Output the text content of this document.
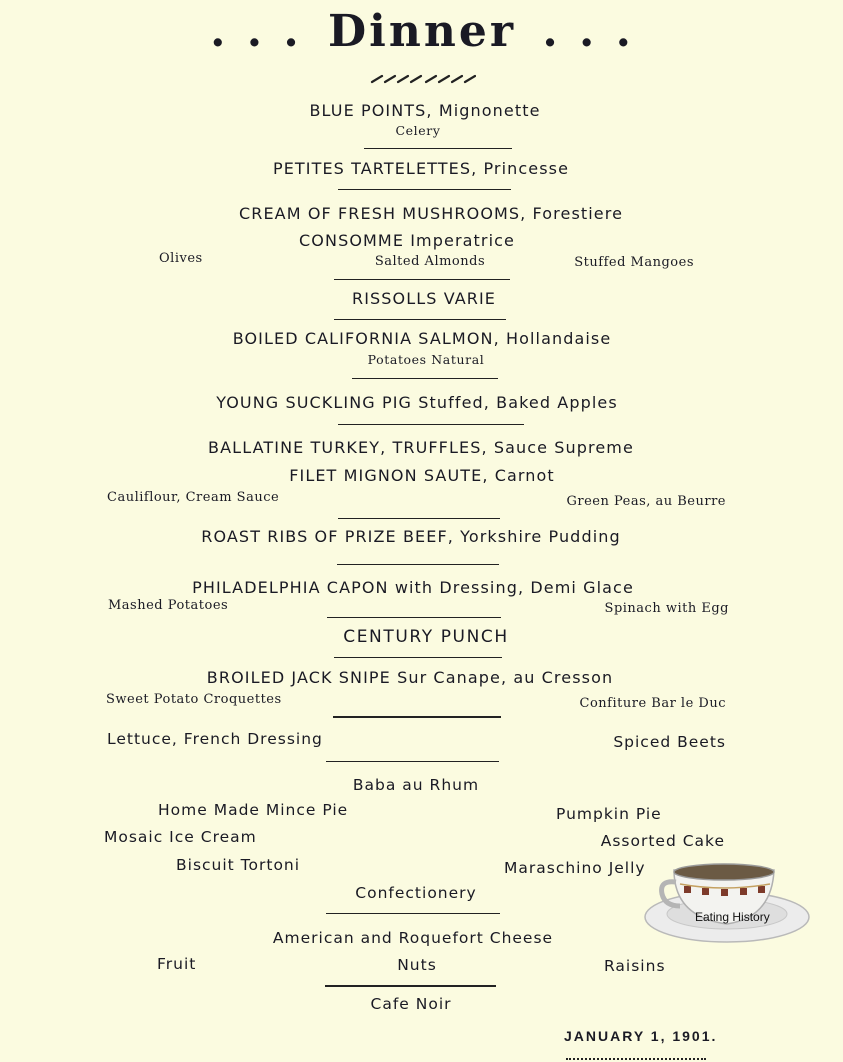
. . . Dinner . . .
BLUE POINTS, Mignonette
Celery
PETITES TARTELETTES, Princesse
CREAM OF FRESH MUSHROOMS, Forestiere
CONSOMME Imperatrice
Olives	Salted Almonds	Stuffed Mangoes
RISSOLLS VARIE
BOILED CALIFORNIA SALMON, Hollandaise
Potatoes Natural
YOUNG SUCKLING PIG Stuffed, Baked Apples
BALLATINE TURKEY, TRUFFLES, Sauce Supreme
FILET MIGNON SAUTE, Carnot
Cauliflour, Cream Sauce	Green Peas, au Beurre
ROAST RIBS OF PRIZE BEEF, Yorkshire Pudding
PHILADELPHIA CAPON with Dressing, Demi Glace
Mashed Potatoes	Spinach with Egg
CENTURY PUNCH
BROILED JACK SNIPE Sur Canape, au Cresson
Sweet Potato Croquettes	Confiture Bar le Duc
Lettuce, French Dressing	Spiced Beets
Baba au Rhum
Home Made Mince Pie	Pumpkin Pie
Mosaic Ice Cream	Assorted Cake
Biscuit Tortoni	Maraschino Jelly
Confectionery
American and Roquefort Cheese
Fruit	Nuts	Raisins
Cafe Noir
JANUARY 1, 1901.
Eating History
